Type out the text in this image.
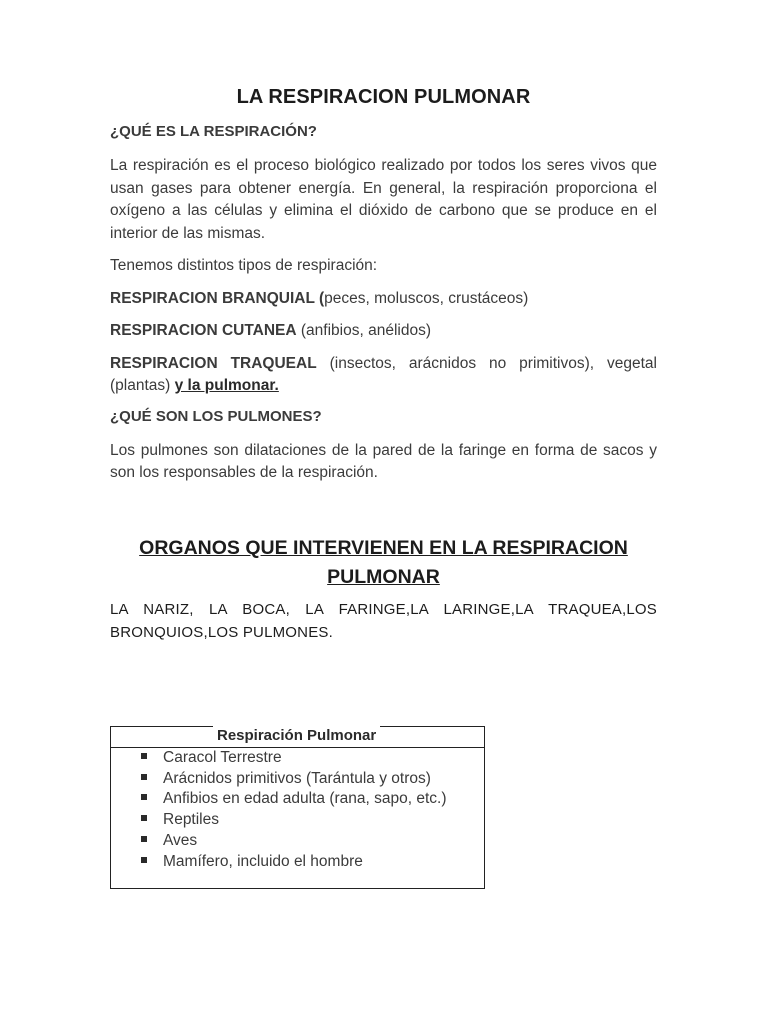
LA RESPIRACION PULMONAR
¿QUÉ ES LA RESPIRACIÓN?

La respiración es el proceso biológico realizado por todos los seres vivos que usan gases para obtener energía. En general, la respiración proporciona el oxígeno a las células y elimina el dióxido de carbono que se produce en el interior de las mismas.

Tenemos distintos tipos de respiración:

RESPIRACION BRANQUIAL (peces, moluscos, crustáceos)

RESPIRACION CUTANEA (anfibios, anélidos)

RESPIRACION TRAQUEAL (insectos, arácnidos no primitivos), vegetal (plantas) y la pulmonar.

¿QUÉ SON LOS PULMONES?

Los pulmones son dilataciones de la pared de la faringe en forma de sacos y son los responsables de la respiración.

ORGANOS QUE INTERVIENEN EN LA RESPIRACION PULMONAR
LA NARIZ, LA BOCA, LA FARINGE,LA LARINGE,LA TRAQUEA,LOS BRONQUIOS,LOS PULMONES.
Respiración Pulmonar
Caracol Terrestre
Arácnidos primitivos (Tarántula y otros)
Anfibios en edad adulta (rana, sapo, etc.)
Reptiles
Aves
Mamífero, incluido el hombre
